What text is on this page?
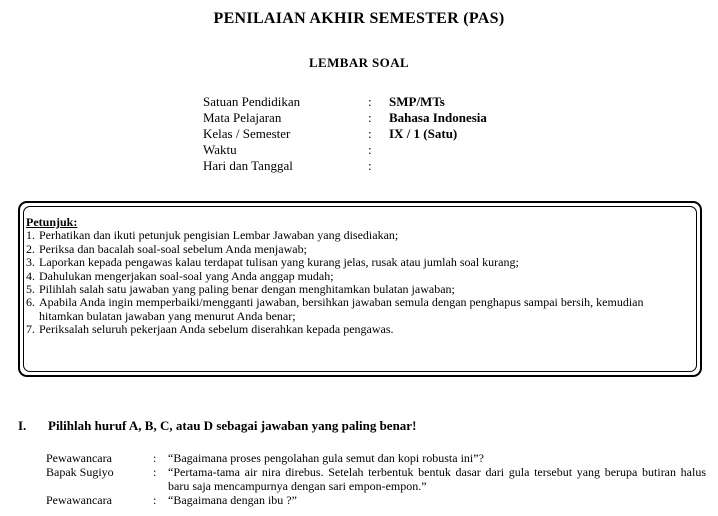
PENILAIAN AKHIR SEMESTER (PAS)
LEMBAR SOAL
Satuan Pendidikan	: SMP/MTs
Mata Pelajaran	: Bahasa Indonesia
Kelas / Semester	: IX / 1 (Satu)
Waktu	:
Hari dan Tanggal	:
Petunjuk:
1. Perhatikan dan ikuti petunjuk pengisian Lembar Jawaban yang disediakan;
2. Periksa dan bacalah soal-soal sebelum Anda menjawab;
3. Laporkan kepada pengawas kalau terdapat tulisan yang kurang jelas, rusak atau jumlah soal kurang;
4. Dahulukan mengerjakan soal-soal yang Anda anggap mudah;
5. Pilihlah salah satu jawaban yang paling benar dengan menghitamkan bulatan jawaban;
6. Apabila Anda ingin memperbaiki/mengganti jawaban, bersihkan jawaban semula dengan penghapus sampai bersih, kemudian hitamkan bulatan jawaban yang menurut Anda benar;
7. Periksalah seluruh pekerjaan Anda sebelum diserahkan kepada pengawas.
I. Pilihlah huruf A, B, C, atau D sebagai jawaban yang paling benar!
Pewawancara	: “Bagaimana proses pengolahan gula semut dan kopi robusta ini”?
Bapak Sugiyo	: “Pertama-tama air nira direbus. Setelah terbentuk bentuk dasar dari gula tersebut yang berupa butiran halus baru saja mencampurnya dengan sari empon-empon.”
Pewawancara	: “Bagaimana dengan ibu ?”
